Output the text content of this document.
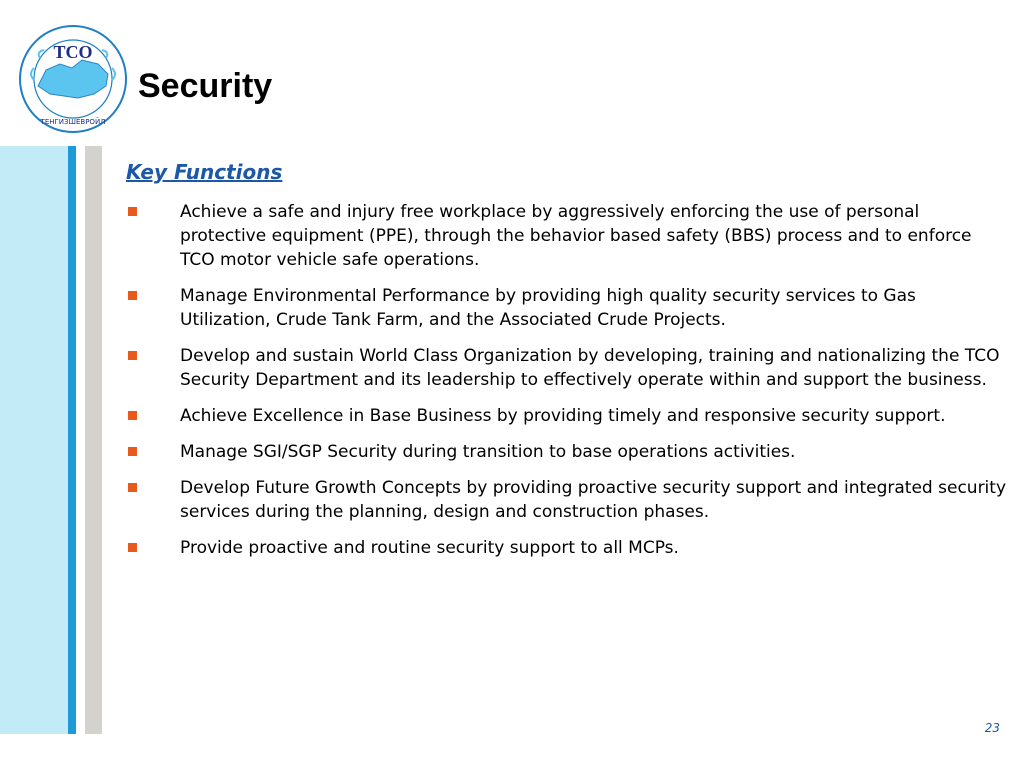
TCO
ТЕНГИЗШЕВРОЙЛ
Security
Key Functions
Achieve a safe and injury free workplace by aggressively enforcing the use of personal protective equipment (PPE), through the behavior based safety (BBS) process and to enforce TCO motor vehicle safe operations.
Manage Environmental Performance by providing high quality security services to Gas Utilization, Crude Tank Farm, and the Associated Crude Projects.
Develop and sustain World Class Organization by developing, training and nationalizing the TCO Security Department and its leadership to effectively operate within and support the business.
Achieve Excellence in Base Business by providing timely and responsive security support.
Manage SGI/SGP Security during transition to base operations activities.
Develop Future Growth Concepts by providing proactive security support and integrated security services during the planning, design and construction phases.
Provide proactive and routine security support to all MCPs.
23
